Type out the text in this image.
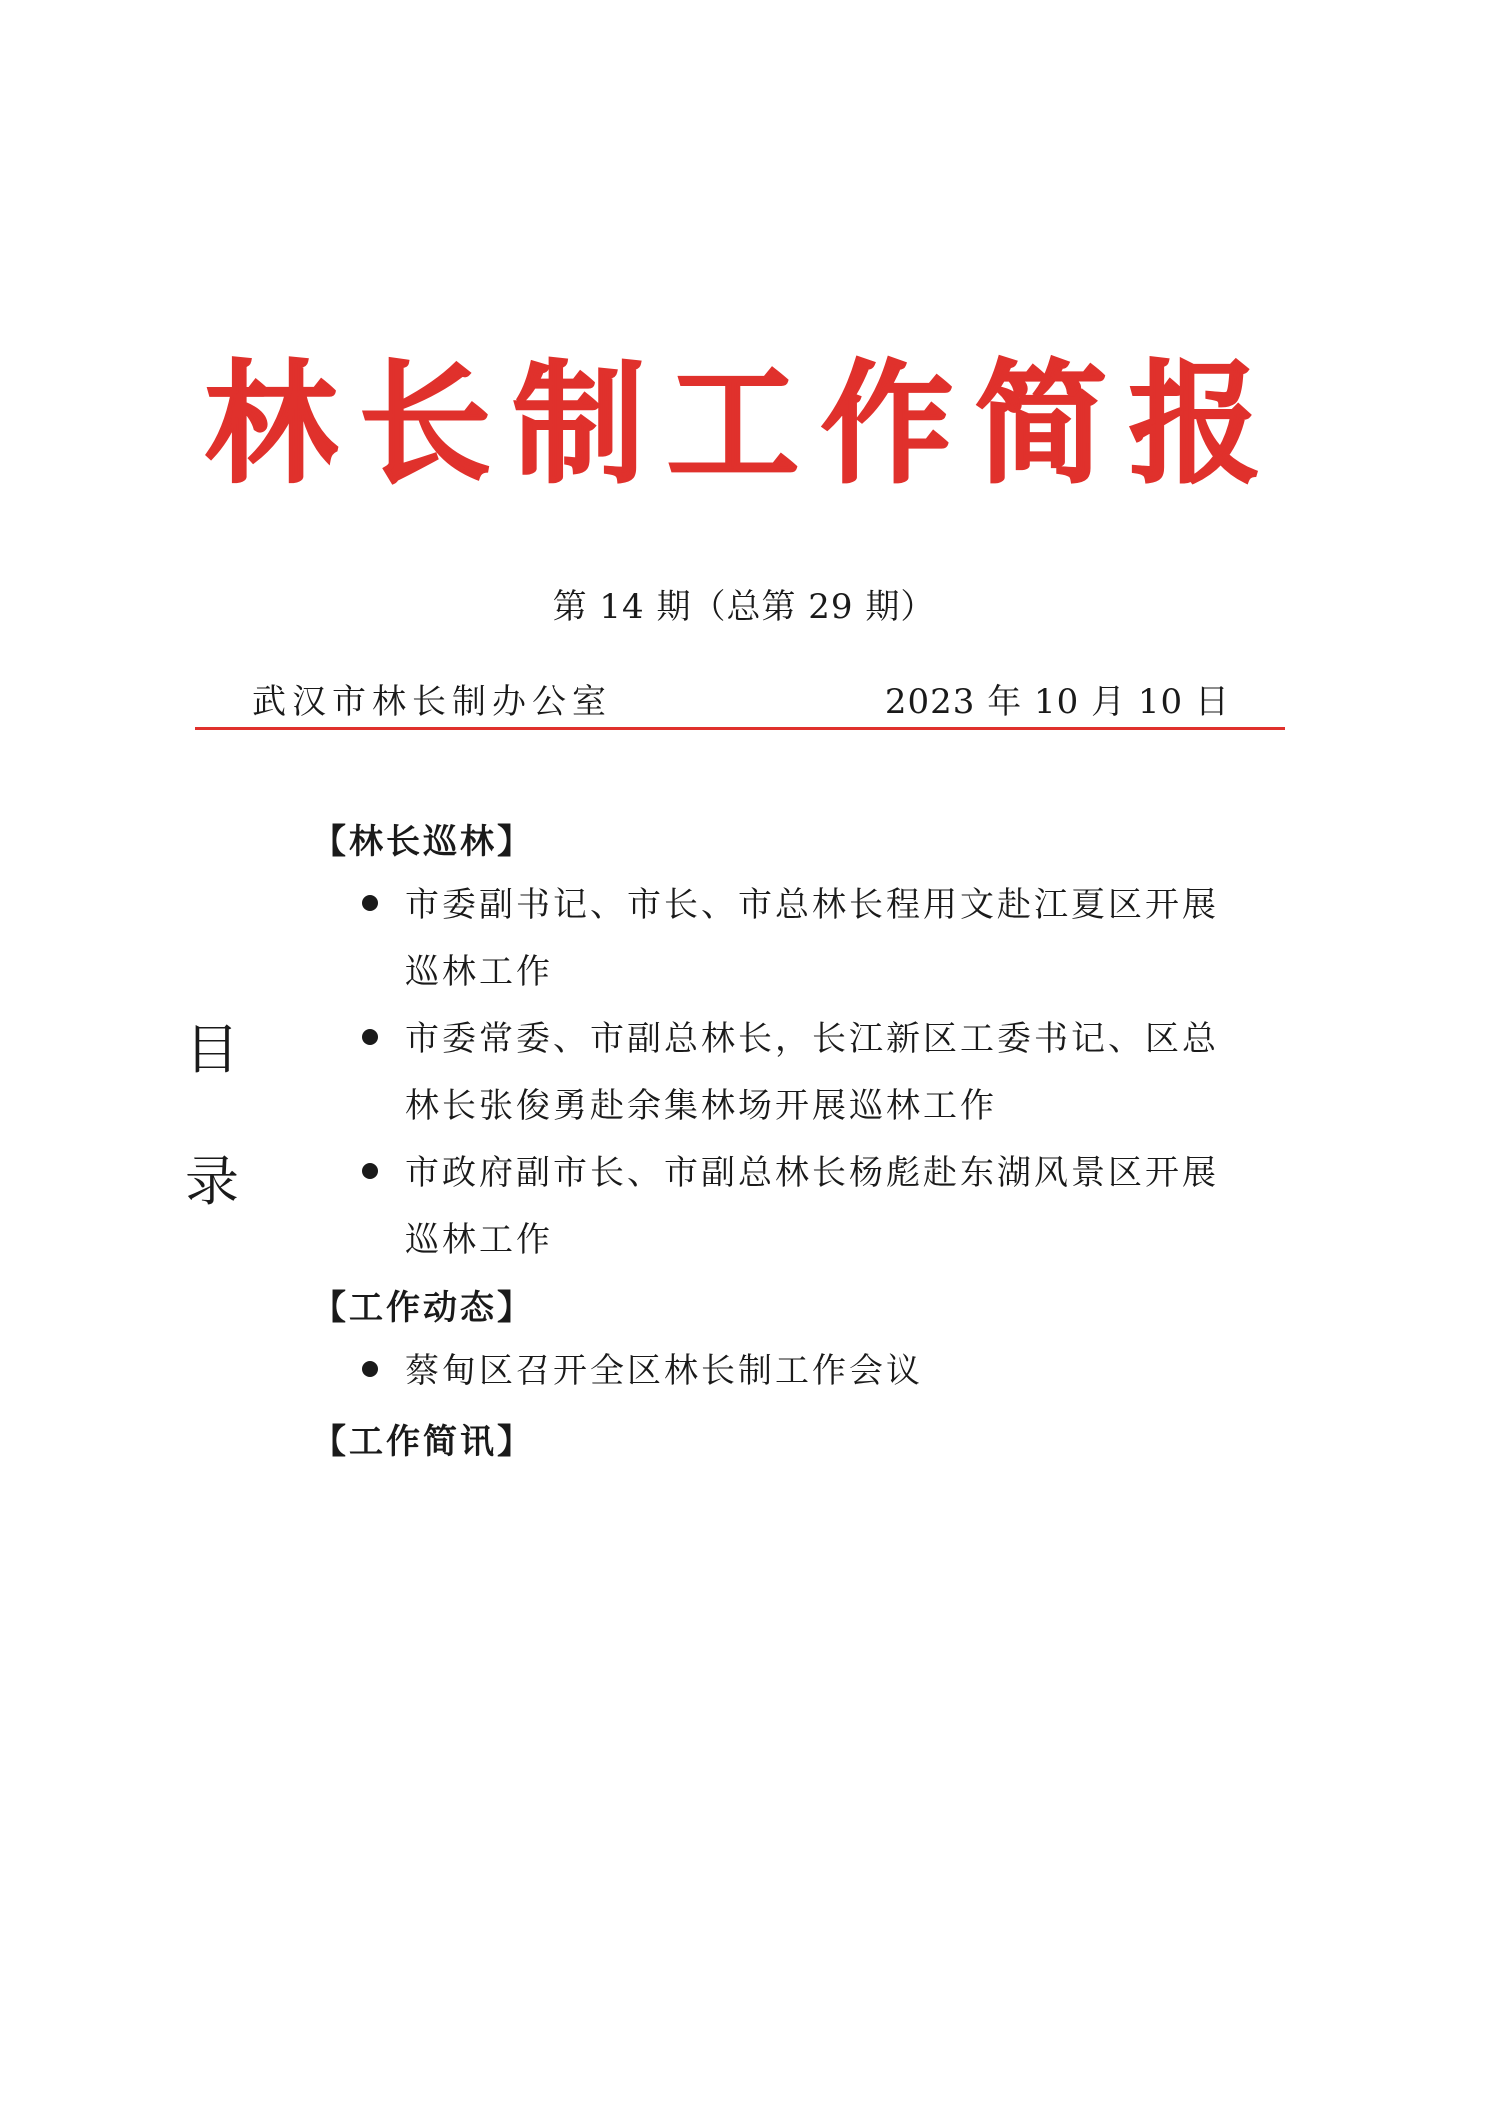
林长制工作简报
第 14 期（总第 29 期）
武汉市林长制办公室	2023 年 10 月 10 日
目
录
【林长巡林】
市委副书记、市长、市总林长程用文赴江夏区开展巡林工作
市委常委、市副总林长，长江新区工委书记、区总林长张俊勇赴余集林场开展巡林工作
市政府副市长、市副总林长杨彪赴东湖风景区开展巡林工作
【工作动态】
蔡甸区召开全区林长制工作会议
【工作简讯】
